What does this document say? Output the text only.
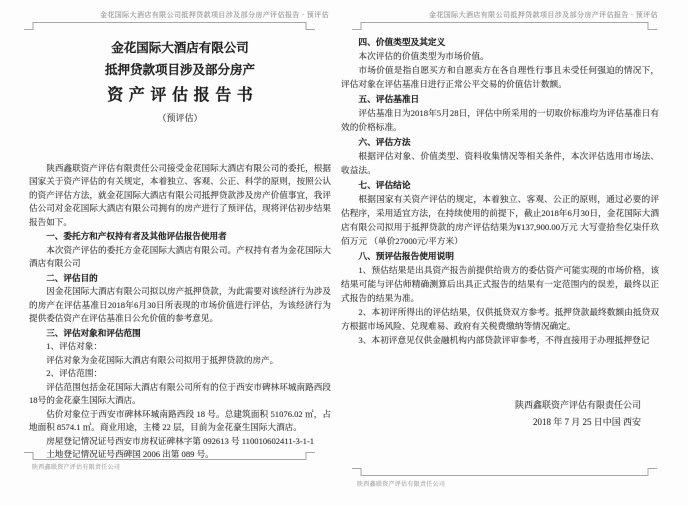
金花国际大酒店有限公司抵押贷款项目涉及部分房产评估报告 · 预评估	金花国际大酒店有限公司抵押贷款项目涉及部分房产评估报告 · 预评估
金花国际大酒店有限公司
抵押贷款项目涉及部分房产
资产评估报告书
（预评估）

陕西鑫联资产评估有限责任公司接受金花国际大酒店有限公司的委托，根据国家关于资产评估的有关规定，本着独立、客观、公正、科学的原则，按照公认的资产评估方法，就金花国际大酒店有限公司抵押贷款涉及房产价值事宜，我评估公司对金花国际大酒店有限公司拥有的房产进行了预评估，现将评估初步结果报告如下。

一、委托方和产权持有者及其他评估报告使用者

本次资产评估的委托方金花国际大酒店有限公司。产权持有者为金花国际大酒店有限公司

二、评估目的

因金花国际大酒店有限公司拟以房产抵押贷款，为此需要对该经济行为涉及的房产在评估基准日2018年6月30日所表现的市场价值进行评估，为该经济行为提供委估资产在评估基准日公允价值的参考意见。

三、评估对象和评估范围

1、评估对象：

评估对象为金花国际大酒店有限公司拟用于抵押贷款的房产。

2、评估范围：

评估范围包括金花国际大酒店有限公司所有的位于西安市碑林环城南路西段 18号的金花豪生国际大酒店。

估价对象位于西安市碑林环城南路西段 18 号。总建筑面积 51076.02 ㎡，占地面积 8574.1 ㎡。商业用途，主楼 22 层，目前为金花豪生国际大酒店。

房屋登记情况证号西安市房权证碑林字第 092613 号 110010602411-3-1-1

土地登记情况证号西碑国 2006 出第 089 号。

四、价值类型及其定义

本次评估的价值类型为市场价值。

市场价值是指自愿买方和自愿卖方在各自理性行事且未受任何强迫的情况下，评估对象在评估基准日进行正常公平交易的价值估计数额。

五、评估基准日

评估基准日为2018年5月28日，评估中所采用的一切取价标准均为评估基准日有效的价格标准。

六、评估方法

根据评估对象、价值类型、资料收集情况等相关条件，本次评估选用市场法、收益法。

七、评估结论

根据国家有关资产评估的规定，本着独立、客观、公正的原则，通过必要的评估程序，采用适宜方法，在持续使用的前提下，截止2018年6月30日，金花国际大酒店有限公司拟用于抵押贷款的房产评估结果为¥137,900.00万元 大写壹拾叁亿柒仟玖佰万元 （单价27000元/平方米）

八、预评估报告使用说明

1、预估结果是出具资产报告前提供给贵方的委估资产可能实现的市场价格，该结果可能与评估师精确测算后出具正式报告的结果有一定范围内的误差，最终以正式报告的结果为准。

2、本初评所得出的评估结果，仅供抵贷双方参考。抵押贷款最终数额由抵贷双方根据市场风险、兑现难易、政府有关税费缴纳等情况确定。

3、本初评意见仅供金融机构内部贷款评审参考，不得直接用于办理抵押登记

陕西鑫联资产评估有限责任公司
2018 年 7 月 25 日中国 西安
陕西鑫联资产评估有限责任公司
陕西鑫联资产评估有限责任公司
